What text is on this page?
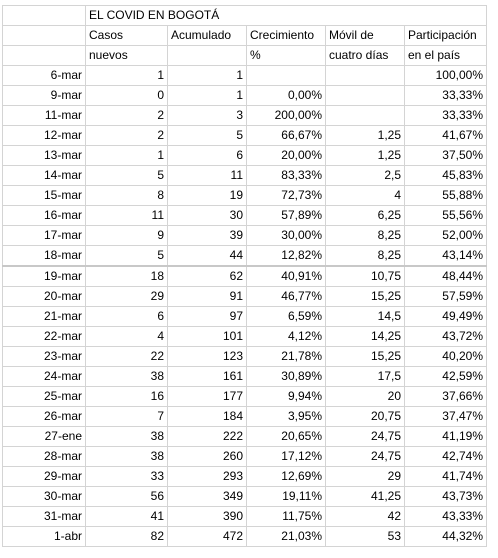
	EL COVID EN BOGOTÁ				
	Casos	Acumulado	Crecimiento	Móvil de	Participación
	nuevos		%	cuatro días	en el país
6-mar	1	1			100,00%
9-mar	0	1	0,00%		33,33%
11-mar	2	3	200,00%		33,33%
12-mar	2	5	66,67%	1,25	41,67%
13-mar	1	6	20,00%	1,25	37,50%
14-mar	5	11	83,33%	2,5	45,83%
15-mar	8	19	72,73%	4	55,88%
16-mar	11	30	57,89%	6,25	55,56%
17-mar	9	39	30,00%	8,25	52,00%
18-mar	5	44	12,82%	8,25	43,14%
19-mar	18	62	40,91%	10,75	48,44%
20-mar	29	91	46,77%	15,25	57,59%
21-mar	6	97	6,59%	14,5	49,49%
22-mar	4	101	4,12%	14,25	43,72%
23-mar	22	123	21,78%	15,25	40,20%
24-mar	38	161	30,89%	17,5	42,59%
25-mar	16	177	9,94%	20	37,66%
26-mar	7	184	3,95%	20,75	37,47%
27-ene	38	222	20,65%	24,75	41,19%
28-mar	38	260	17,12%	24,75	42,74%
29-mar	33	293	12,69%	29	41,74%
30-mar	56	349	19,11%	41,25	43,73%
31-mar	41	390	11,75%	42	43,33%
1-abr	82	472	21,03%	53	44,32%
